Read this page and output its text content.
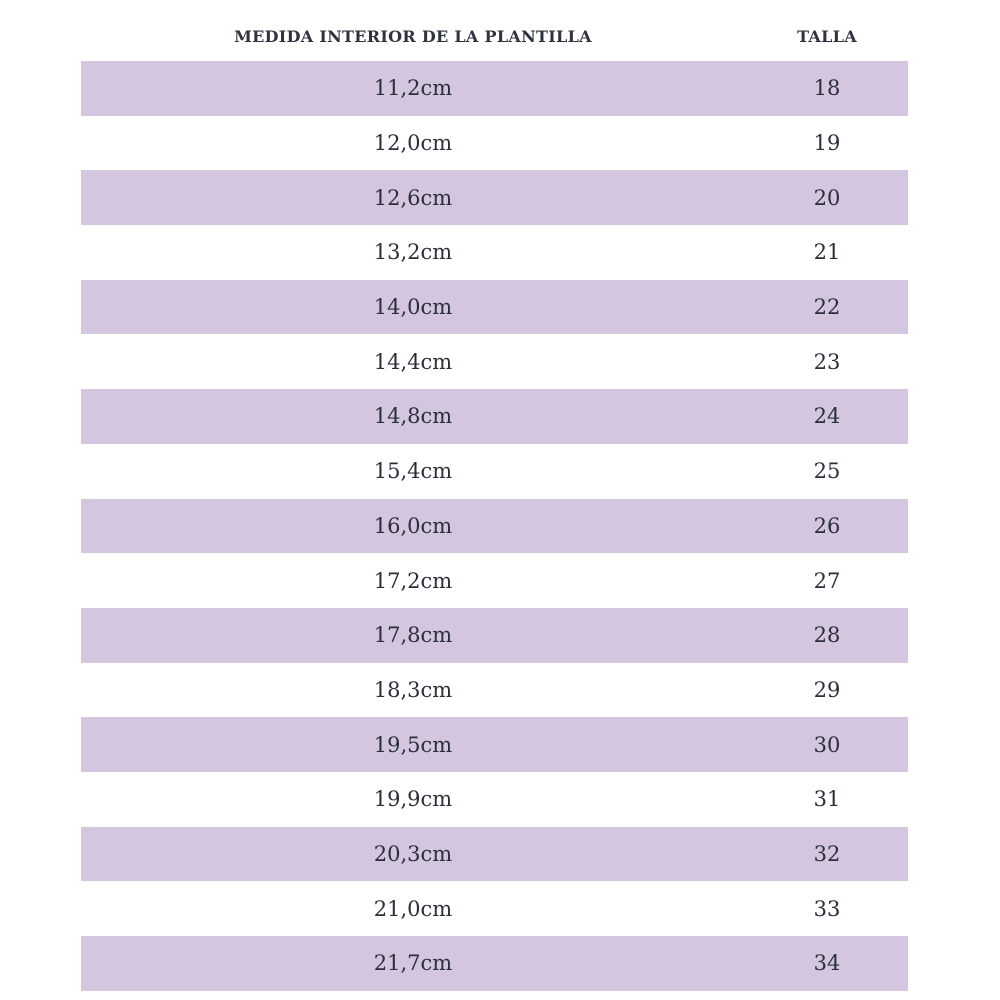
MEDIDA INTERIOR DE LA PLANTILLA	TALLA
11,2cm	18
12,0cm	19
12,6cm	20
13,2cm	21
14,0cm	22
14,4cm	23
14,8cm	24
15,4cm	25
16,0cm	26
17,2cm	27
17,8cm	28
18,3cm	29
19,5cm	30
19,9cm	31
20,3cm	32
21,0cm	33
21,7cm	34
